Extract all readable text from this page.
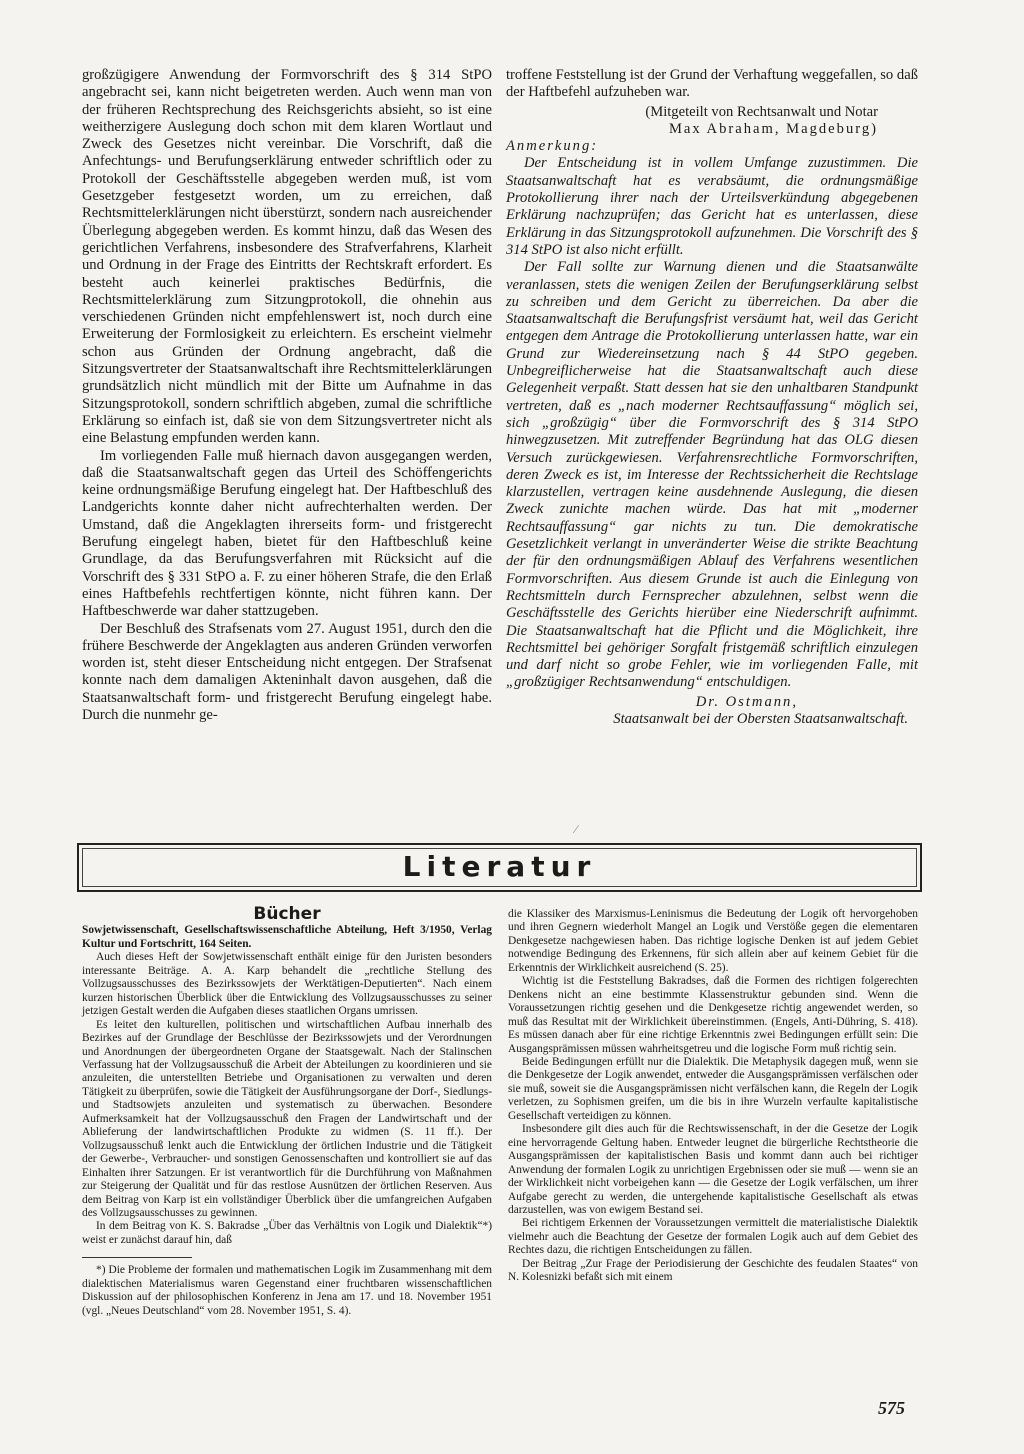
großzügigere Anwendung der Formvorschrift des § 314 StPO angebracht sei, kann nicht beigetreten werden. Auch wenn man von der früheren Rechtsprechung des Reichsgerichts absieht, so ist eine weitherzigere Auslegung doch schon mit dem klaren Wortlaut und Zweck des Gesetzes nicht vereinbar. Die Vorschrift, daß die Anfechtungs- und Berufungserklärung entweder schriftlich oder zu Protokoll der Geschäftsstelle abgegeben werden muß, ist vom Gesetzgeber festgesetzt worden, um zu erreichen, daß Rechtsmittelerklärungen nicht überstürzt, sondern nach ausreichender Überlegung abgegeben werden. Es kommt hinzu, daß das Wesen des gerichtlichen Verfahrens, insbesondere des Strafverfahrens, Klarheit und Ordnung in der Frage des Eintritts der Rechtskraft erfordert. Es besteht auch keinerlei praktisches Bedürfnis, die Rechtsmittelerklärung zum Sitzungprotokoll, die ohnehin aus verschiedenen Gründen nicht empfehlenswert ist, noch durch eine Erweiterung der Formlosigkeit zu erleichtern. Es erscheint vielmehr schon aus Gründen der Ordnung angebracht, daß die Sitzungsvertreter der Staatsanwaltschaft ihre Rechtsmittelerklärungen grundsätzlich nicht mündlich mit der Bitte um Aufnahme in das Sitzungsprotokoll, sondern schriftlich abgeben, zumal die schriftliche Erklärung so einfach ist, daß sie von dem Sitzungsvertreter nicht als eine Belastung empfunden werden kann.

Im vorliegenden Falle muß hiernach davon ausgegangen werden, daß die Staatsanwaltschaft gegen das Urteil des Schöffengerichts keine ordnungsmäßige Berufung eingelegt hat. Der Haftbeschluß des Landgerichts konnte daher nicht aufrechterhalten werden. Der Umstand, daß die Angeklagten ihrerseits form- und fristgerecht Berufung eingelegt haben, bietet für den Haftbeschluß keine Grundlage, da das Berufungsverfahren mit Rücksicht auf die Vorschrift des § 331 StPO a. F. zu einer höheren Strafe, die den Erlaß eines Haftbefehls rechtfertigen könnte, nicht führen kann. Der Haftbeschwerde war daher stattzugeben.

Der Beschluß des Strafsenats vom 27. August 1951, durch den die frühere Beschwerde der Angeklagten aus anderen Gründen verworfen worden ist, steht dieser Entscheidung nicht entgegen. Der Strafsenat konnte nach dem damaligen Akteninhalt davon ausgehen, daß die Staatsanwaltschaft form- und fristgerecht Berufung eingelegt habe. Durch die nunmehr ge-

troffene Feststellung ist der Grund der Verhaftung weggefallen, so daß der Haftbefehl aufzuheben war.

(Mitgeteilt von Rechtsanwalt und Notar

Max Abraham, Magdeburg)

Anmerkung:

Der Entscheidung ist in vollem Umfange zuzustimmen. Die Staatsanwaltschaft hat es verabsäumt, die ordnungsmäßige Protokollierung ihrer nach der Urteilsverkündung abgegebenen Erklärung nachzuprüfen; das Gericht hat es unterlassen, diese Erklärung in das Sitzungsprotokoll aufzunehmen. Die Vorschrift des § 314 StPO ist also nicht erfüllt.

Der Fall sollte zur Warnung dienen und die Staatsanwälte veranlassen, stets die wenigen Zeilen der Berufungserklärung selbst zu schreiben und dem Gericht zu überreichen. Da aber die Staatsanwaltschaft die Berufungsfrist versäumt hat, weil das Gericht entgegen dem Antrage die Protokollierung unterlassen hatte, war ein Grund zur Wiedereinsetzung nach § 44 StPO gegeben. Unbegreiflicherweise hat die Staatsanwaltschaft auch diese Gelegenheit verpaßt. Statt dessen hat sie den unhaltbaren Standpunkt vertreten, daß es „nach moderner Rechtsauffassung“ möglich sei, sich „großzügig“ über die Formvorschrift des § 314 StPO hinwegzusetzen. Mit zutreffender Begründung hat das OLG diesen Versuch zurückgewiesen. Verfahrensrechtliche Formvorschriften, deren Zweck es ist, im Interesse der Rechtssicherheit die Rechtslage klarzustellen, vertragen keine ausdehnende Auslegung, die diesen Zweck zunichte machen würde. Das hat mit „moderner Rechtsauffassung“ gar nichts zu tun. Die demokratische Gesetzlichkeit verlangt in unveränderter Weise die strikte Beachtung der für den ordnungsmäßigen Ablauf des Verfahrens wesentlichen Formvorschriften. Aus diesem Grunde ist auch die Einlegung von Rechtsmitteln durch Fernsprecher abzulehnen, selbst wenn die Geschäftsstelle des Gerichts hierüber eine Niederschrift aufnimmt. Die Staatsanwaltschaft hat die Pflicht und die Möglichkeit, ihre Rechtsmittel bei gehöriger Sorgfalt fristgemäß schriftlich einzulegen und darf nicht so grobe Fehler, wie im vorliegenden Falle, mit „großzügiger Rechtsanwendung“ entschuldigen.

Dr. Ostmann,
Staatsanwalt bei der Obersten Staatsanwaltschaft.
∕
Literatur
Bücher

Sowjetwissenschaft, Gesellschaftswissenschaftliche Abteilung, Heft 3/1950, Verlag Kultur und Fortschritt, 164 Seiten.

Auch dieses Heft der Sowjetwissenschaft enthält einige für den Juristen besonders interessante Beiträge. A. A. Karp behandelt die „rechtliche Stellung des Vollzugsausschusses des Bezirkssowjets der Werktätigen-Deputierten“. Nach einem kurzen historischen Überblick über die Entwicklung des Vollzugsausschusses zu seiner jetzigen Gestalt werden die Aufgaben dieses staatlichen Organs umrissen.

Es leitet den kulturellen, politischen und wirtschaftlichen Aufbau innerhalb des Bezirkes auf der Grundlage der Beschlüsse der Bezirkssowjets und der Verordnungen und Anordnungen der übergeordneten Organe der Staatsgewalt. Nach der Stalinschen Verfassung hat der Vollzugsausschuß die Arbeit der Abteilungen zu koordinieren und sie anzuleiten, die unterstellten Betriebe und Organisationen zu verwalten und deren Tätigkeit zu überprüfen, sowie die Tätigkeit der Ausführungsorgane der Dorf-, Siedlungs- und Stadtsowjets anzuleiten und systematisch zu überwachen. Besondere Aufmerksamkeit hat der Vollzugsausschuß den Fragen der Landwirtschaft und der Ablieferung der landwirtschaftlichen Produkte zu widmen (S. 11 ff.). Der Vollzugsausschuß lenkt auch die Entwicklung der örtlichen Industrie und die Tätigkeit der Gewerbe-, Verbraucher- und sonstigen Genossenschaften und kontrolliert sie auf das Einhalten ihrer Satzungen. Er ist verantwortlich für die Durchführung von Maßnahmen zur Steigerung der Qualität und für das restlose Ausnützen der örtlichen Reserven. Aus dem Beitrag von Karp ist ein vollständiger Überblick über die umfangreichen Aufgaben des Vollzugsausschusses zu gewinnen.

In dem Beitrag von K. S. Bakradse „Über das Verhältnis von Logik und Dialektik“*) weist er zunächst darauf hin, daß

*) Die Probleme der formalen und mathematischen Logik im Zusammenhang mit dem dialektischen Materialismus waren Gegenstand einer fruchtbaren wissenschaftlichen Diskussion auf der philosophischen Konferenz in Jena am 17. und 18. November 1951 (vgl. „Neues Deutschland“ vom 28. November 1951, S. 4).

die Klassiker des Marxismus-Leninismus die Bedeutung der Logik oft hervorgehoben und ihren Gegnern wiederholt Mangel an Logik und Verstöße gegen die elementaren Denkgesetze nachgewiesen haben. Das richtige logische Denken ist auf jedem Gebiet notwendige Bedingung des Erkennens, für sich allein aber auf keinem Gebiet für die Erkenntnis der Wirklichkeit ausreichend (S. 25).

Wichtig ist die Feststellung Bakradses, daß die Formen des richtigen folgerechten Denkens nicht an eine bestimmte Klassenstruktur gebunden sind. Wenn die Voraussetzungen richtig gesehen und die Denkgesetze richtig angewendet werden, so muß das Resultat mit der Wirklichkeit übereinstimmen. (Engels, Anti-Dühring, S. 418). Es müssen danach aber für eine richtige Erkenntnis zwei Bedingungen erfüllt sein: Die Ausgangsprämissen müssen wahrheitsgetreu und die logische Form muß richtig sein.

Beide Bedingungen erfüllt nur die Dialektik. Die Metaphysik dagegen muß, wenn sie die Denkgesetze der Logik anwendet, entweder die Ausgangsprämissen verfälschen oder sie muß, soweit sie die Ausgangsprämissen nicht verfälschen kann, die Regeln der Logik verletzen, zu Sophismen greifen, um die bis in ihre Wurzeln verfaulte kapitalistische Gesellschaft verteidigen zu können.

Insbesondere gilt dies auch für die Rechtswissenschaft, in der die Gesetze der Logik eine hervorragende Geltung haben. Entweder leugnet die bürgerliche Rechtstheorie die Ausgangsprämissen der kapitalistischen Basis und kommt dann auch bei richtiger Anwendung der formalen Logik zu unrichtigen Ergebnissen oder sie muß — wenn sie an der Wirklichkeit nicht vorbeigehen kann — die Gesetze der Logik verfälschen, um ihrer Aufgabe gerecht zu werden, die untergehende kapitalistische Gesellschaft als etwas darzustellen, was von ewigem Bestand sei.

Bei richtigem Erkennen der Voraussetzungen vermittelt die materialistische Dialektik vielmehr auch die Beachtung der Gesetze der formalen Logik auch auf dem Gebiet des Rechtes dazu, die richtigen Entscheidungen zu fällen.

Der Beitrag „Zur Frage der Periodisierung der Geschichte des feudalen Staates“ von N. Kolesnizki befaßt sich mit einem

575
